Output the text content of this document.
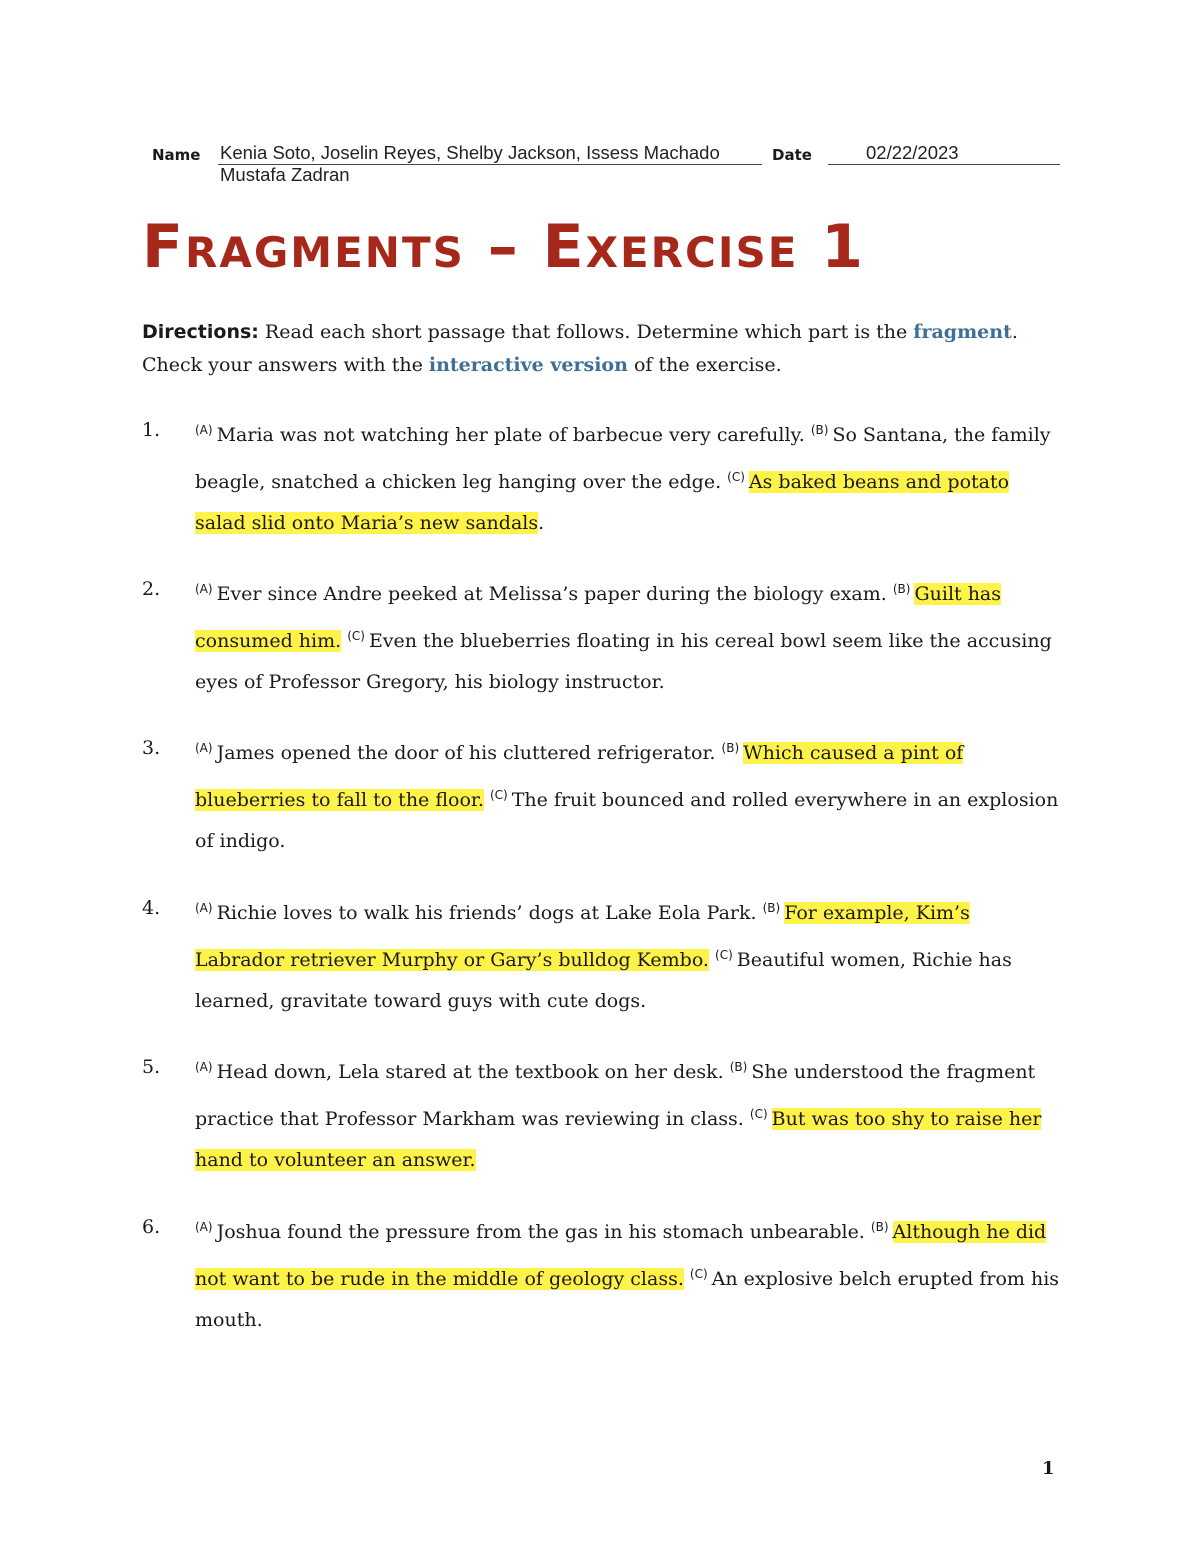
Name Kenia Soto, Joselin Reyes, Shelby Jackson, Issess Machado Mustafa Zadran
Date	02/22/2023
Fragments – Exercise 1
Directions: Read each short passage that follows. Determine which part is the fragment. Check your answers with the interactive version of the exercise.
1.	$^{(A)}$ Maria was not watching her plate of barbecue very carefully. $^{(B)}$ So Santana, the family beagle, snatched a chicken leg hanging over the edge. $^{(C)}$ As baked beans and potato salad slid onto Maria’s new sandals.
2.	$^{(A)}$ Ever since Andre peeked at Melissa’s paper during the biology exam. $^{(B)}$ Guilt has consumed him. $^{(C)}$ Even the blueberries floating in his cereal bowl seem like the accusing eyes of Professor Gregory, his biology instructor.
3.	$^{(A)}$ James opened the door of his cluttered refrigerator. $^{(B)}$ Which caused a pint of blueberries to fall to the floor. $^{(C)}$ The fruit bounced and rolled everywhere in an explosion of indigo.
4.	$^{(A)}$ Richie loves to walk his friends’ dogs at Lake Eola Park. $^{(B)}$ For example, Kim’s Labrador retriever Murphy or Gary’s bulldog Kembo. $^{(C)}$ Beautiful women, Richie has learned, gravitate toward guys with cute dogs.
5.	$^{(A)}$ Head down, Lela stared at the textbook on her desk. $^{(B)}$ She understood the fragment practice that Professor Markham was reviewing in class. $^{(C)}$ But was too shy to raise her hand to volunteer an answer.
6.	$^{(A)}$ Joshua found the pressure from the gas in his stomach unbearable. $^{(B)}$ Although he did not want to be rude in the middle of geology class. $^{(C)}$ An explosive belch erupted from his mouth.
1
